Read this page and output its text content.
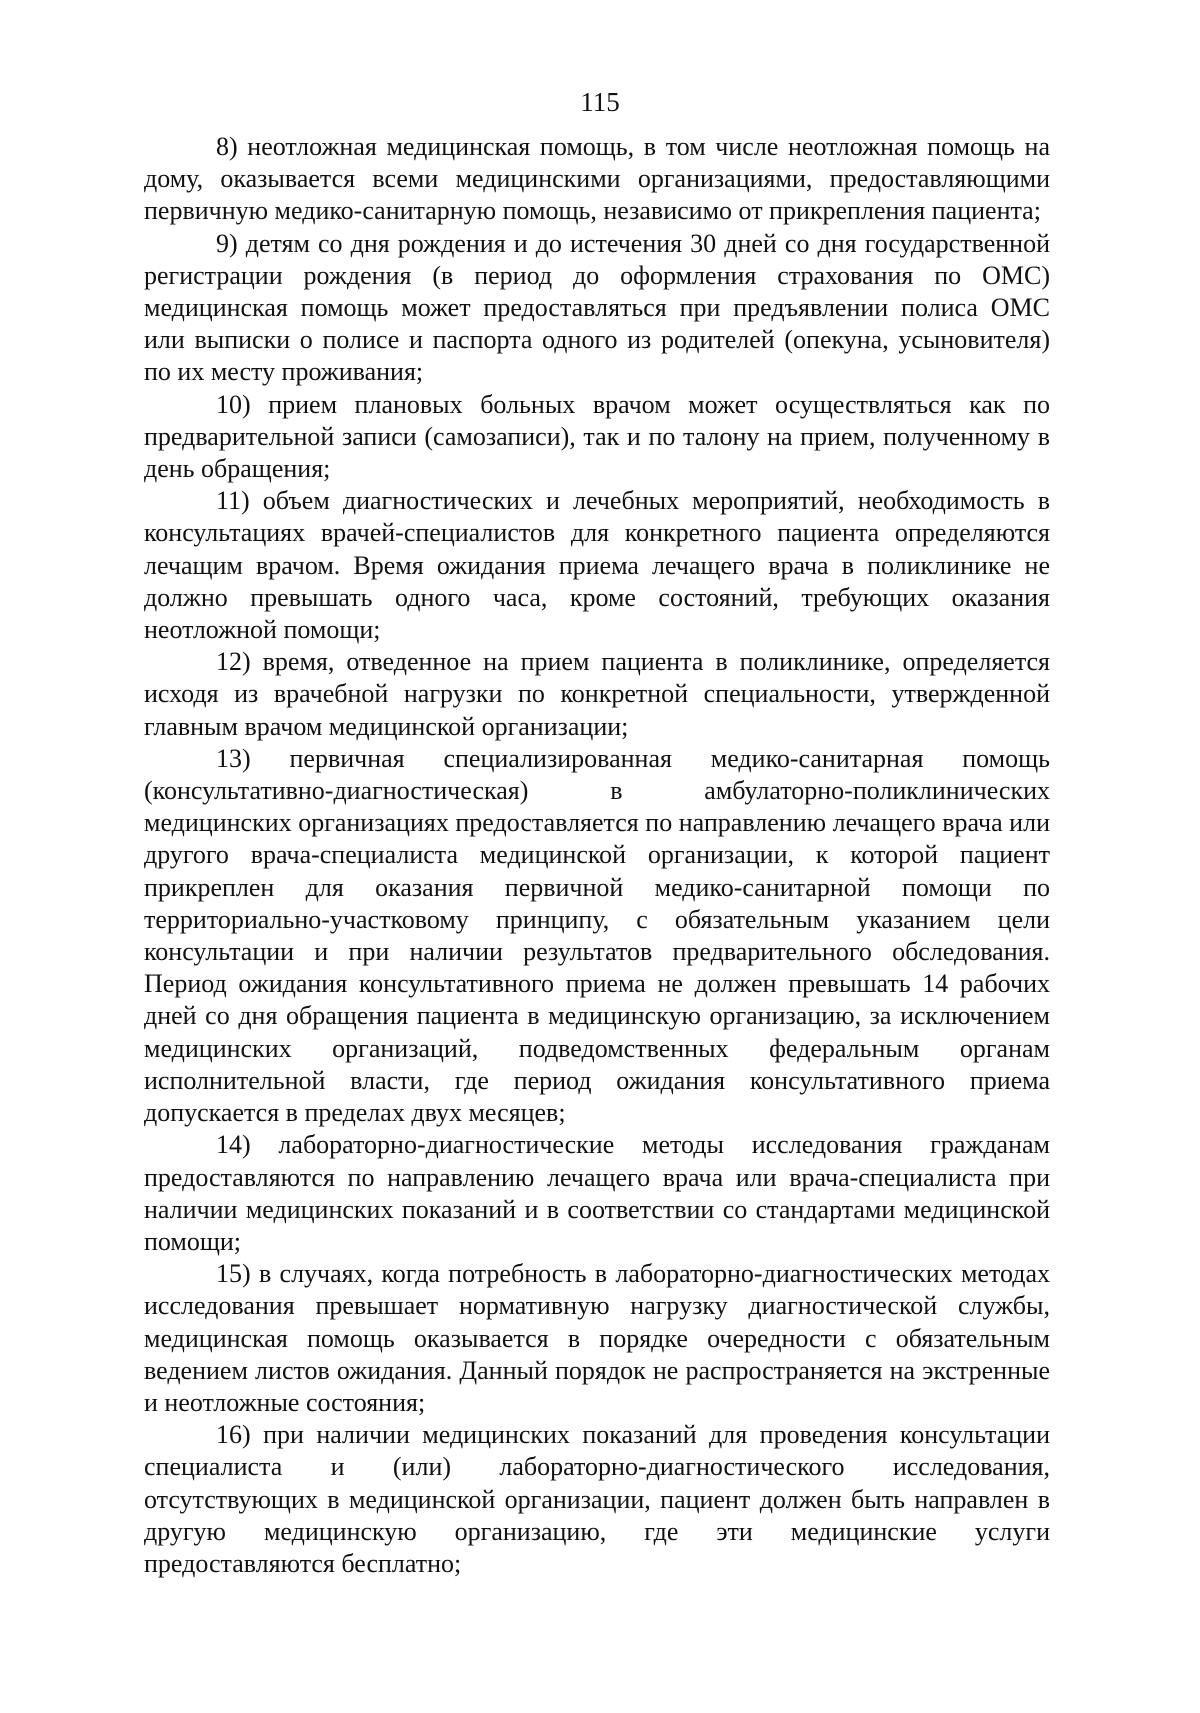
115

8) неотложная медицинская помощь, в том числе неотложная помощь на дому, оказывается всеми медицинскими организациями, предоставляющими первичную медико-санитарную помощь, независимо от прикрепления пациента;

9) детям со дня рождения и до истечения 30 дней со дня государственной регистрации рождения (в период до оформления страхования по ОМС) медицинская помощь может предоставляться при предъявлении полиса ОМС или выписки о полисе и паспорта одного из родителей (опекуна, усыновителя) по их месту проживания;

10) прием плановых больных врачом может осуществляться как по предварительной записи (самозаписи), так и по талону на прием, полученному в день обращения;

11) объем диагностических и лечебных мероприятий, необходимость в консультациях врачей-специалистов для конкретного пациента определяются лечащим врачом. Время ожидания приема лечащего врача в поликлинике не должно превышать одного часа, кроме состояний, требующих оказания неотложной помощи;

12) время, отведенное на прием пациента в поликлинике, определяется исходя из врачебной нагрузки по конкретной специальности, утвержденной главным врачом медицинской организации;

13) первичная специализированная медико-санитарная помощь (консультативно-диагностическая) в амбулаторно-поликлинических медицинских организациях предоставляется по направлению лечащего врача или другого врача-специалиста медицинской организации, к которой пациент прикреплен для оказания первичной медико-санитарной помощи по территориально-участковому принципу, с обязательным указанием цели консультации и при наличии результатов предварительного обследования. Период ожидания консультативного приема не должен превышать 14 рабочих дней со дня обращения пациента в медицинскую организацию, за исключением медицинских организаций, подведомственных федеральным органам исполнительной власти, где период ожидания консультативного приема допускается в пределах двух месяцев;

14) лабораторно-диагностические методы исследования гражданам предоставляются по направлению лечащего врача или врача-специалиста при наличии медицинских показаний и в соответствии со стандартами медицинской помощи;

15) в случаях, когда потребность в лабораторно-диагностических методах исследования превышает нормативную нагрузку диагностической службы, медицинская помощь оказывается в порядке очередности с обязательным ведением листов ожидания. Данный порядок не распространяется на экстренные и неотложные состояния;

16) при наличии медицинских показаний для проведения консультации специалиста и (или) лабораторно-диагностического исследования, отсутствующих в медицинской организации, пациент должен быть направлен в другую медицинскую организацию, где эти медицинские услуги предоставляются бесплатно;
